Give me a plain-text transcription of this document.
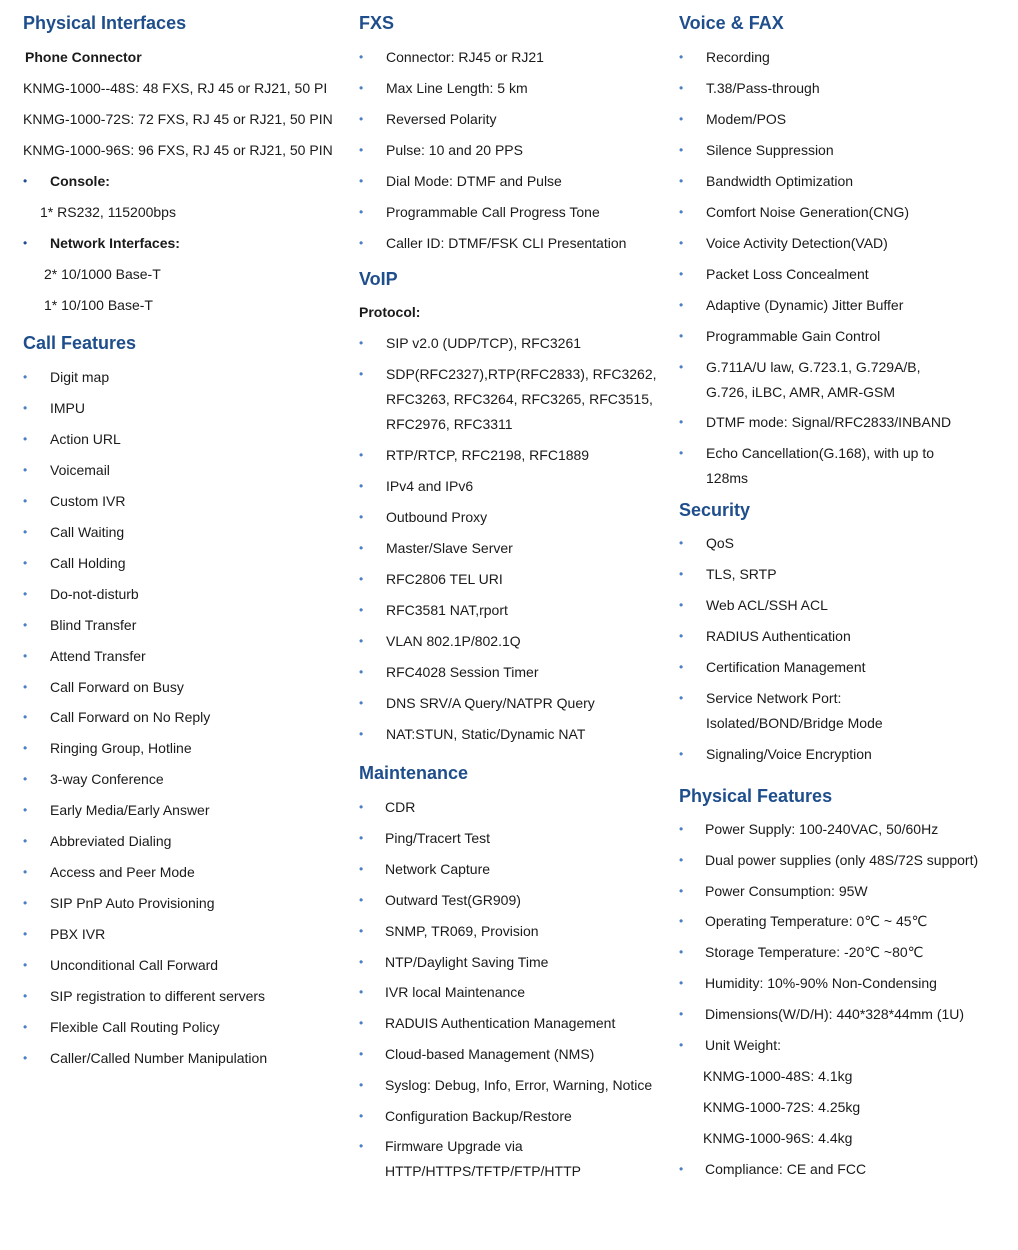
Physical Interfaces
Phone Connector
KNMG-1000--48S: 48 FXS, RJ 45 or RJ21, 50 PI
KNMG-1000-72S: 72 FXS, RJ 45 or RJ21, 50 PIN
KNMG-1000-96S: 96 FXS, RJ 45 or RJ21, 50 PIN
• Console:
1* RS232, 115200bps
• Network Interfaces:
2* 10/1000 Base-T
1* 10/100 Base-T
Call Features
• Digit map
• IMPU
• Action URL
• Voicemail
• Custom IVR
• Call Waiting
• Call Holding
• Do-not-disturb
• Blind Transfer
• Attend Transfer
• Call Forward on Busy
• Call Forward on No Reply
• Ringing Group, Hotline
• 3-way Conference
• Early Media/Early Answer
• Abbreviated Dialing
• Access and Peer Mode
• SIP PnP Auto Provisioning
• PBX IVR
• Unconditional Call Forward
• SIP registration to different servers
• Flexible Call Routing Policy
• Caller/Called Number Manipulation
FXS
• Connector: RJ45 or RJ21
• Max Line Length: 5 km
• Reversed Polarity
• Pulse: 10 and 20 PPS
• Dial Mode: DTMF and Pulse
• Programmable Call Progress Tone
• Caller ID: DTMF/FSK CLI Presentation
VoIP
Protocol:
• SIP v2.0 (UDP/TCP), RFC3261
• SDP(RFC2327),RTP(RFC2833), RFC3262,
RFC3263, RFC3264, RFC3265, RFC3515,
RFC2976, RFC3311
• RTP/RTCP, RFC2198, RFC1889
• IPv4 and IPv6
• Outbound Proxy
• Master/Slave Server
• RFC2806 TEL URI
• RFC3581 NAT,rport
• VLAN 802.1P/802.1Q
• RFC4028 Session Timer
• DNS SRV/A Query/NATPR Query
• NAT:STUN, Static/Dynamic NAT
Maintenance
• CDR
• Ping/Tracert Test
• Network Capture
• Outward Test(GR909)
• SNMP, TR069, Provision
• NTP/Daylight Saving Time
• IVR local Maintenance
• RADUIS Authentication Management
• Cloud-based Management (NMS)
• Syslog: Debug, Info, Error, Warning, Notice
• Configuration Backup/Restore
• Firmware Upgrade via
HTTP/HTTPS/TFTP/FTP/HTTP
Voice & FAX
• Recording
• T.38/Pass-through
• Modem/POS
• Silence Suppression
• Bandwidth Optimization
• Comfort Noise Generation(CNG)
• Voice Activity Detection(VAD)
• Packet Loss Concealment
• Adaptive (Dynamic) Jitter Buffer
• Programmable Gain Control
• G.711A/U law, G.723.1, G.729A/B,
G.726, iLBC, AMR, AMR-GSM
• DTMF mode: Signal/RFC2833/INBAND
• Echo Cancellation(G.168), with up to
128ms
Security
• QoS
• TLS, SRTP
• Web ACL/SSH ACL
• RADIUS Authentication
• Certification Management
• Service Network Port:
Isolated/BOND/Bridge Mode
• Signaling/Voice Encryption
Physical Features
• Power Supply: 100-240VAC, 50/60Hz
• Dual power supplies (only 48S/72S support)
• Power Consumption: 95W
• Operating Temperature: 0℃ ~ 45℃
• Storage Temperature: -20℃ ~80℃
• Humidity: 10%-90% Non-Condensing
• Dimensions(W/D/H): 440*328*44mm (1U)
• Unit Weight:
KNMG-1000-48S: 4.1kg
KNMG-1000-72S: 4.25kg
KNMG-1000-96S: 4.4kg
• Compliance: CE and FCC
